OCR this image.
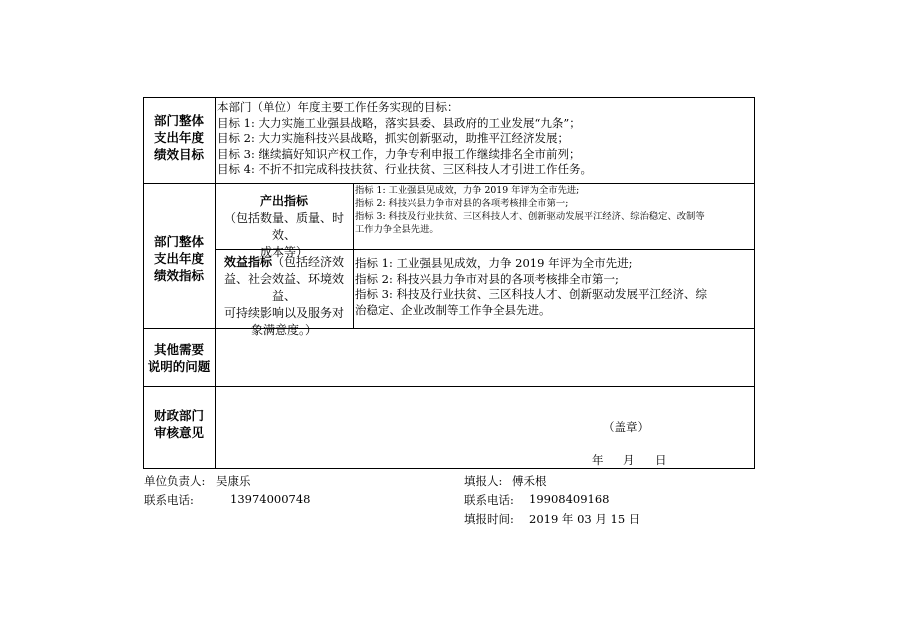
部门整体
支出年度
绩效目标
本部门（单位）年度主要工作任务实现的目标：
目标 1: 大力实施工业强县战略，落实县委、县政府的工业发展“九条”；
目标 2: 大力实施科技兴县战略，抓实创新驱动，助推平江经济发展；
目标 3: 继续搞好知识产权工作，力争专利申报工作继续排名全市前列；
目标 4: 不折不扣完成科技扶贫、行业扶贫、三区科技人才引进工作任务。
部门整体
支出年度
绩效指标
产出指标
（包括数量、质量、时效、
成本等）
指标 1: 工业强县见成效，力争 2019 年评为全市先进;
指标 2: 科技兴县力争市对县的各项考核排全市第一;
指标 3: 科技及行业扶贫、三区科技人才、创新驱动发展平江经济、综治稳定、改制等
工作力争全县先进。
效益指标（包括经济效
益、社会效益、环境效益、
可持续影响以及服务对
象满意度。）
指标 1: 工业强县见成效，力争 2019 年评为全市先进;
指标 2: 科技兴县力争市对县的各项考核排全市第一;
指标 3: 科技及行业扶贫、三区科技人才、创新驱动发展平江经济、综
治稳定、企业改制等工作争全县先进。
其他需要
说明的问题
财政部门
审核意见	（盖章）
年 月 日
单位负责人: 吴康乐
联系电话:	13974000748
填报人: 傅禾根
联系电话: 19908409168
填报时间: 2019 年 03 月 15 日
